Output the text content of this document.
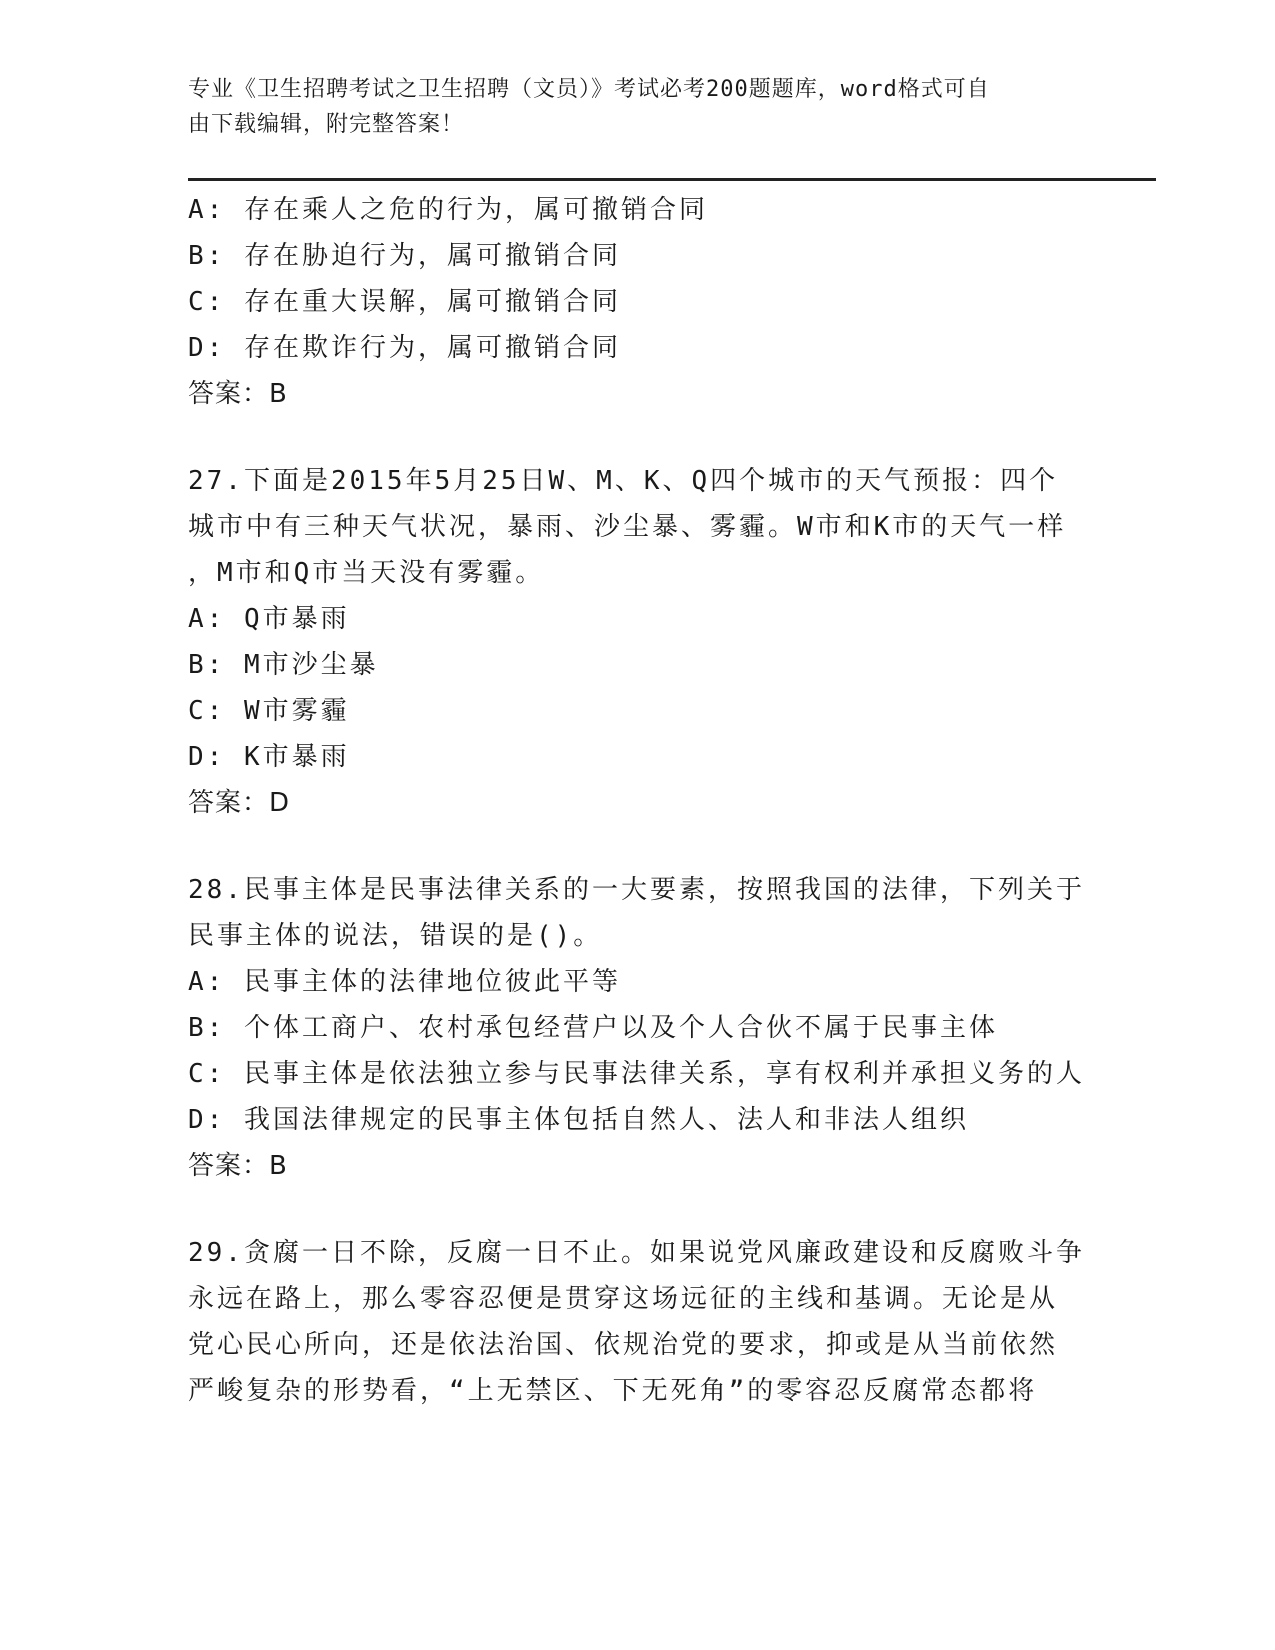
专业《卫生招聘考试之卫生招聘（文员）》考试必考200题题库，word格式可自
由下载编辑，附完整答案！
A: 存在乘人之危的行为，属可撤销合同
B: 存在胁迫行为，属可撤销合同
C: 存在重大误解，属可撤销合同
D: 存在欺诈行为，属可撤销合同
答案：B
27.下面是2015年5月25日W、M、K、Q四个城市的天气预报：四个
城市中有三种天气状况，暴雨、沙尘暴、雾霾。W市和K市的天气一样
，M市和Q市当天没有雾霾。
A: Q市暴雨
B: M市沙尘暴
C: W市雾霾
D: K市暴雨
答案：D
28.民事主体是民事法律关系的一大要素，按照我国的法律，下列关于
民事主体的说法，错误的是()。
A: 民事主体的法律地位彼此平等
B: 个体工商户、农村承包经营户以及个人合伙不属于民事主体
C: 民事主体是依法独立参与民事法律关系，享有权利并承担义务的人
D: 我国法律规定的民事主体包括自然人、法人和非法人组织
答案：B
29.贪腐一日不除，反腐一日不止。如果说党风廉政建设和反腐败斗争
永远在路上，那么零容忍便是贯穿这场远征的主线和基调。无论是从
党心民心所向，还是依法治国、依规治党的要求，抑或是从当前依然
严峻复杂的形势看，“上无禁区、下无死角”的零容忍反腐常态都将
